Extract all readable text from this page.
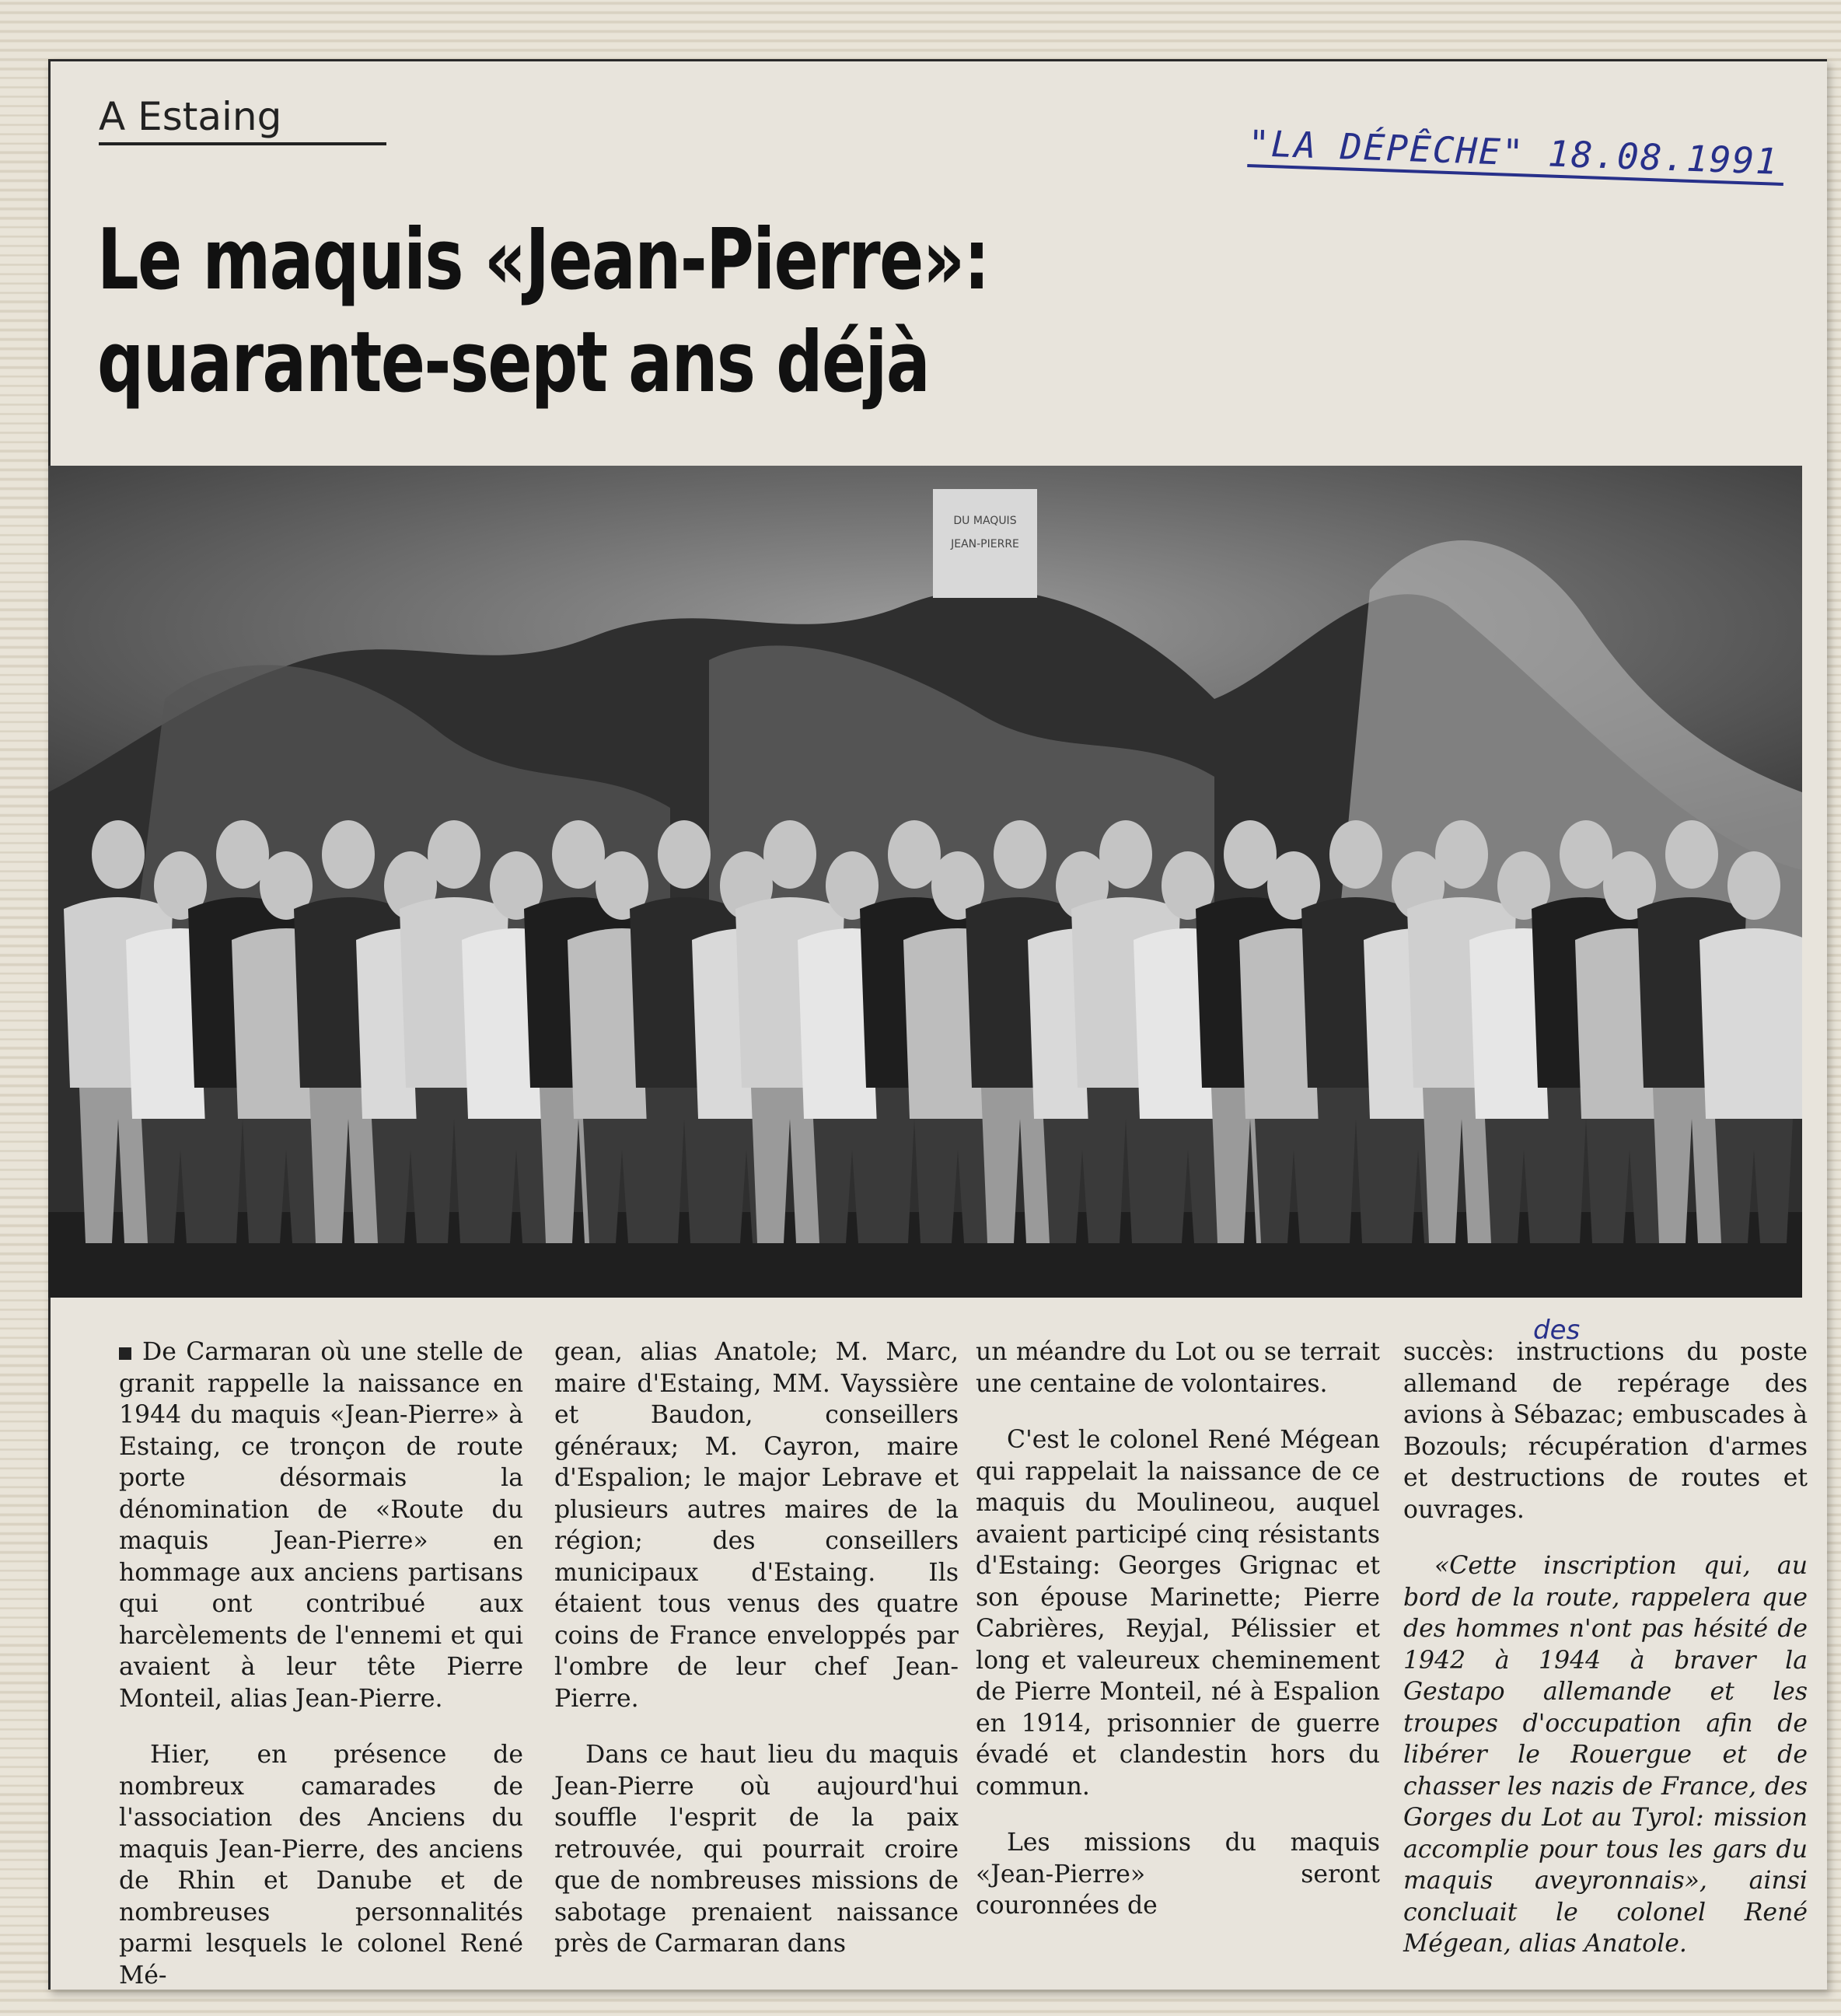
A Estaing
"LA DÉPÊCHE" 18.08.1991
Le maquis «Jean-Pierre»:
quarante-sept ans déjà
DU MAQUIS
JEAN-PIERRE
des

De Carmaran où une stelle de granit rappelle la naissance en 1944 du maquis «Jean-Pierre» à Estaing, ce tronçon de route porte désormais la dénomination de «Route du maquis Jean-Pierre» en hommage aux anciens partisans qui ont contribué aux harcèlements de l'ennemi et qui avaient à leur tête Pierre Monteil, alias Jean-Pierre.

Hier, en présence de nombreux camarades de l'association des Anciens du maquis Jean-Pierre, des anciens de Rhin et Danube et de nombreuses personnalités parmi lesquels le colonel René Mé-

gean, alias Anatole; M. Marc, maire d'Estaing, MM. Vayssière et Baudon, conseillers généraux; M. Cayron, maire d'Espalion; le major Lebrave et plusieurs autres maires de la région; des conseillers municipaux d'Estaing. Ils étaient tous venus des quatre coins de France enveloppés par l'ombre de leur chef Jean-Pierre.

Dans ce haut lieu du maquis Jean-Pierre où aujourd'hui souffle l'esprit de la paix retrouvée, qui pourrait croire que de nombreuses missions de sabotage prenaient naissance près de Carmaran dans

un méandre du Lot ou se terrait une centaine de volontaires.

C'est le colonel René Mégean qui rappelait la naissance de ce maquis du Moulineou, auquel avaient participé cinq résistants d'Estaing: Georges Grignac et son épouse Marinette; Pierre Cabrières, Reyjal, Pélissier et long et valeureux cheminement de Pierre Monteil, né à Espalion en 1914, prisonnier de guerre évadé et clandestin hors du commun.

Les missions du maquis «Jean-Pierre» seront couronnées de

succès: instructions du poste allemand de repérage des avions à Sébazac; embuscades à Bozouls; récupération d'armes et destructions de routes et ouvrages.

«Cette inscription qui, au bord de la route, rappelera que des hommes n'ont pas hésité de 1942 à 1944 à braver la Gestapo allemande et les troupes d'occupation afin de libérer le Rouergue et de chasser les nazis de France, des Gorges du Lot au Tyrol: mission accomplie pour tous les gars du maquis aveyronnais», ainsi concluait le colonel René Mégean, alias Anatole.
